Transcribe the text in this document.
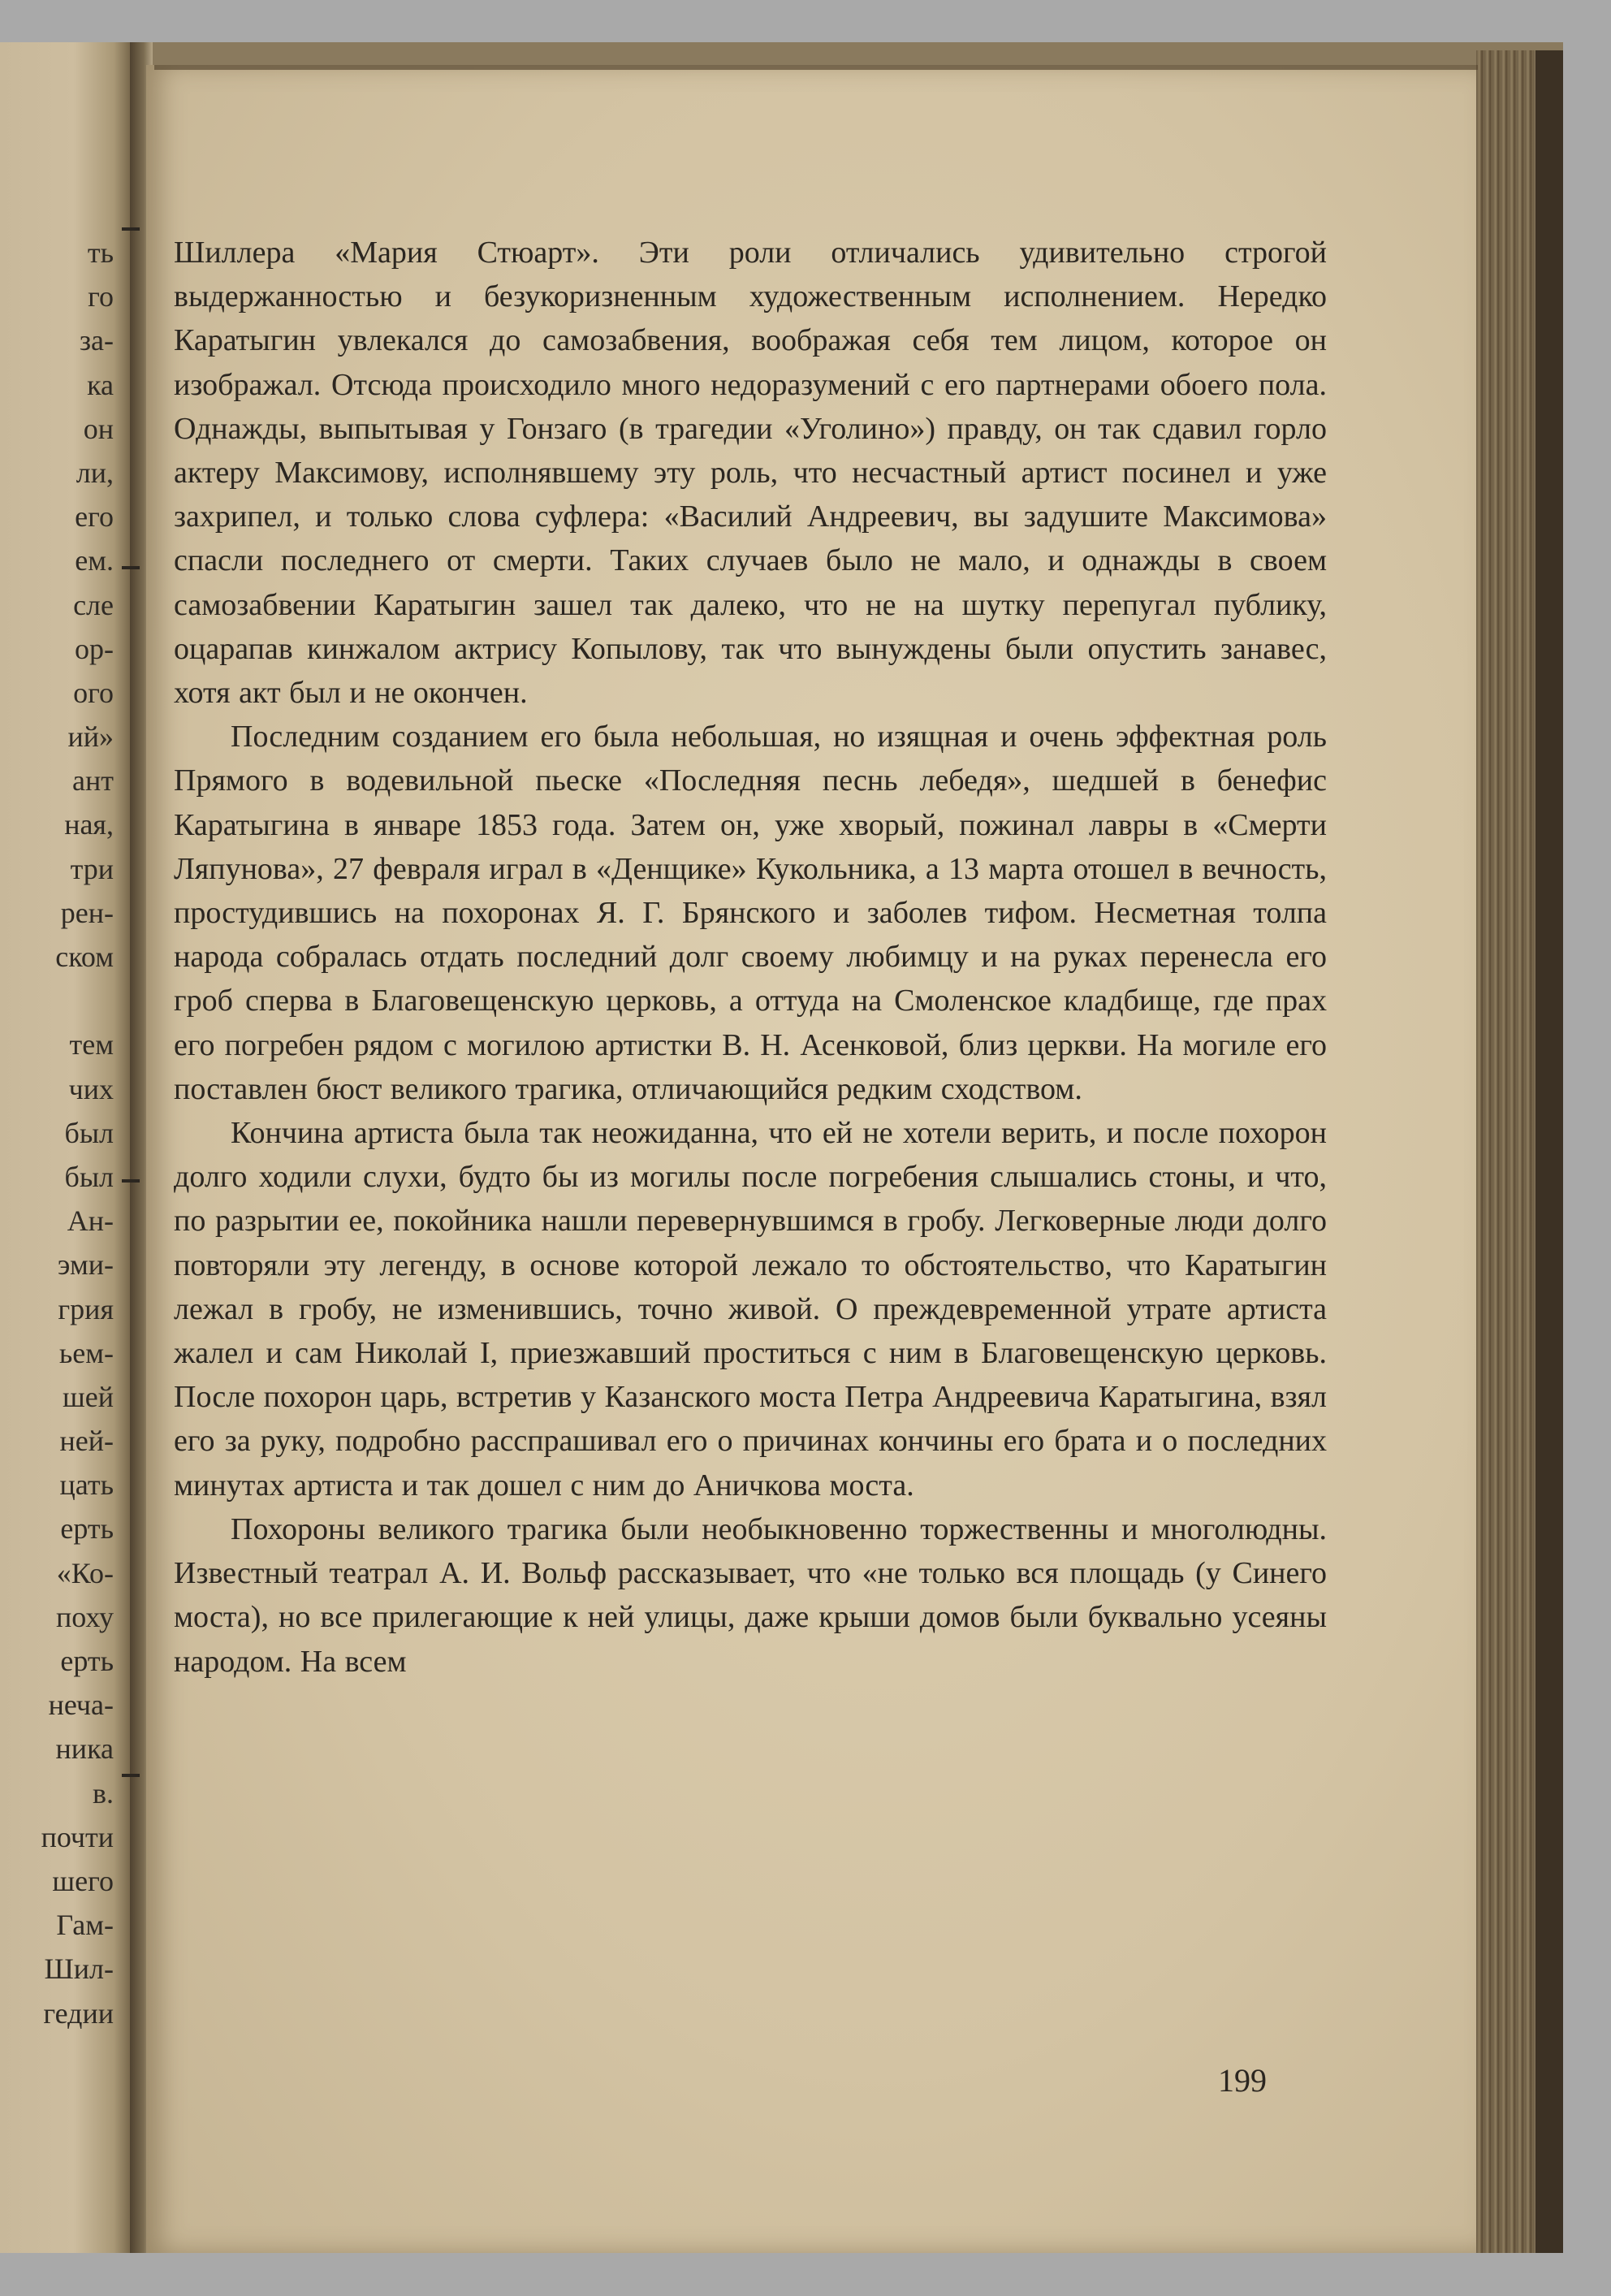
ть
го
за-
ка
он
ли,
его
ем.
сле
ор-
ого
ий»
ант
ная,
три
рен-
ском
тем
чих
был
был
Ан-
эми-
грия
ьем-
шей
ней-
цать
ерть
«Ко-
поху
ерть
неча-
ника
в.
почти
шего
Гам-
Шил-
гедии

Шиллера «Мария Стюарт». Эти роли отличались удивительно строгой выдержанностью и безукоризненным художественным исполнением. Нередко Каратыгин увлекался до самозабвения, воображая себя тем лицом, которое он изображал. Отсюда происходило много недоразумений с его партнерами обоего пола. Однажды, выпытывая у Гонзаго (в трагедии «Уголино») правду, он так сдавил горло актеру Максимову, исполнявшему эту роль, что несчастный артист посинел и уже захрипел, и только слова суфлера: «Василий Андреевич, вы задушите Максимова» спасли последнего от смерти. Таких случаев было не мало, и однажды в своем самозабвении Каратыгин зашел так далеко, что не на шутку перепугал публику, оцарапав кинжалом актрису Копылову, так что вынуждены были опустить занавес, хотя акт был и не окончен.

Последним созданием его была небольшая, но изящная и очень эффектная роль Прямого в водевильной пьеске «Последняя песнь лебедя», шедшей в бенефис Каратыгина в январе 1853 года. Затем он, уже хворый, пожинал лавры в «Смерти Ляпунова», 27 февраля играл в «Денщике» Кукольника, а 13 марта отошел в вечность, простудившись на похоронах Я. Г. Брянского и заболев тифом. Несметная толпа народа собралась отдать последний долг своему любимцу и на руках перенесла его гроб сперва в Благовещенскую церковь, а оттуда на Смоленское кладбище, где прах его погребен рядом с могилою артистки В. Н. Асенковой, близ церкви. На могиле его поставлен бюст великого трагика, отличающийся редким сходством.

Кончина артиста была так неожиданна, что ей не хотели верить, и после похорон долго ходили слухи, будто бы из могилы после погребения слышались стоны, и что, по разрытии ее, покойника нашли перевернувшимся в гробу. Легковерные люди долго повторяли эту легенду, в основе которой лежало то обстоятельство, что Каратыгин лежал в гробу, не изменившись, точно живой. О преждевременной утрате артиста жалел и сам Николай I, приезжавший проститься с ним в Благовещенскую церковь. После похорон царь, встретив у Казанского моста Петра Андреевича Каратыгина, взял его за руку, подробно расспрашивал его о причинах кончины его брата и о последних минутах артиста и так дошел с ним до Аничкова моста.

Похороны великого трагика были необыкновенно торжественны и многолюдны. Известный театрал А. И. Вольф рассказывает, что «не только вся площадь (у Синего моста), но все прилегающие к ней улицы, даже крыши домов были буквально усеяны народом. На всем

199
